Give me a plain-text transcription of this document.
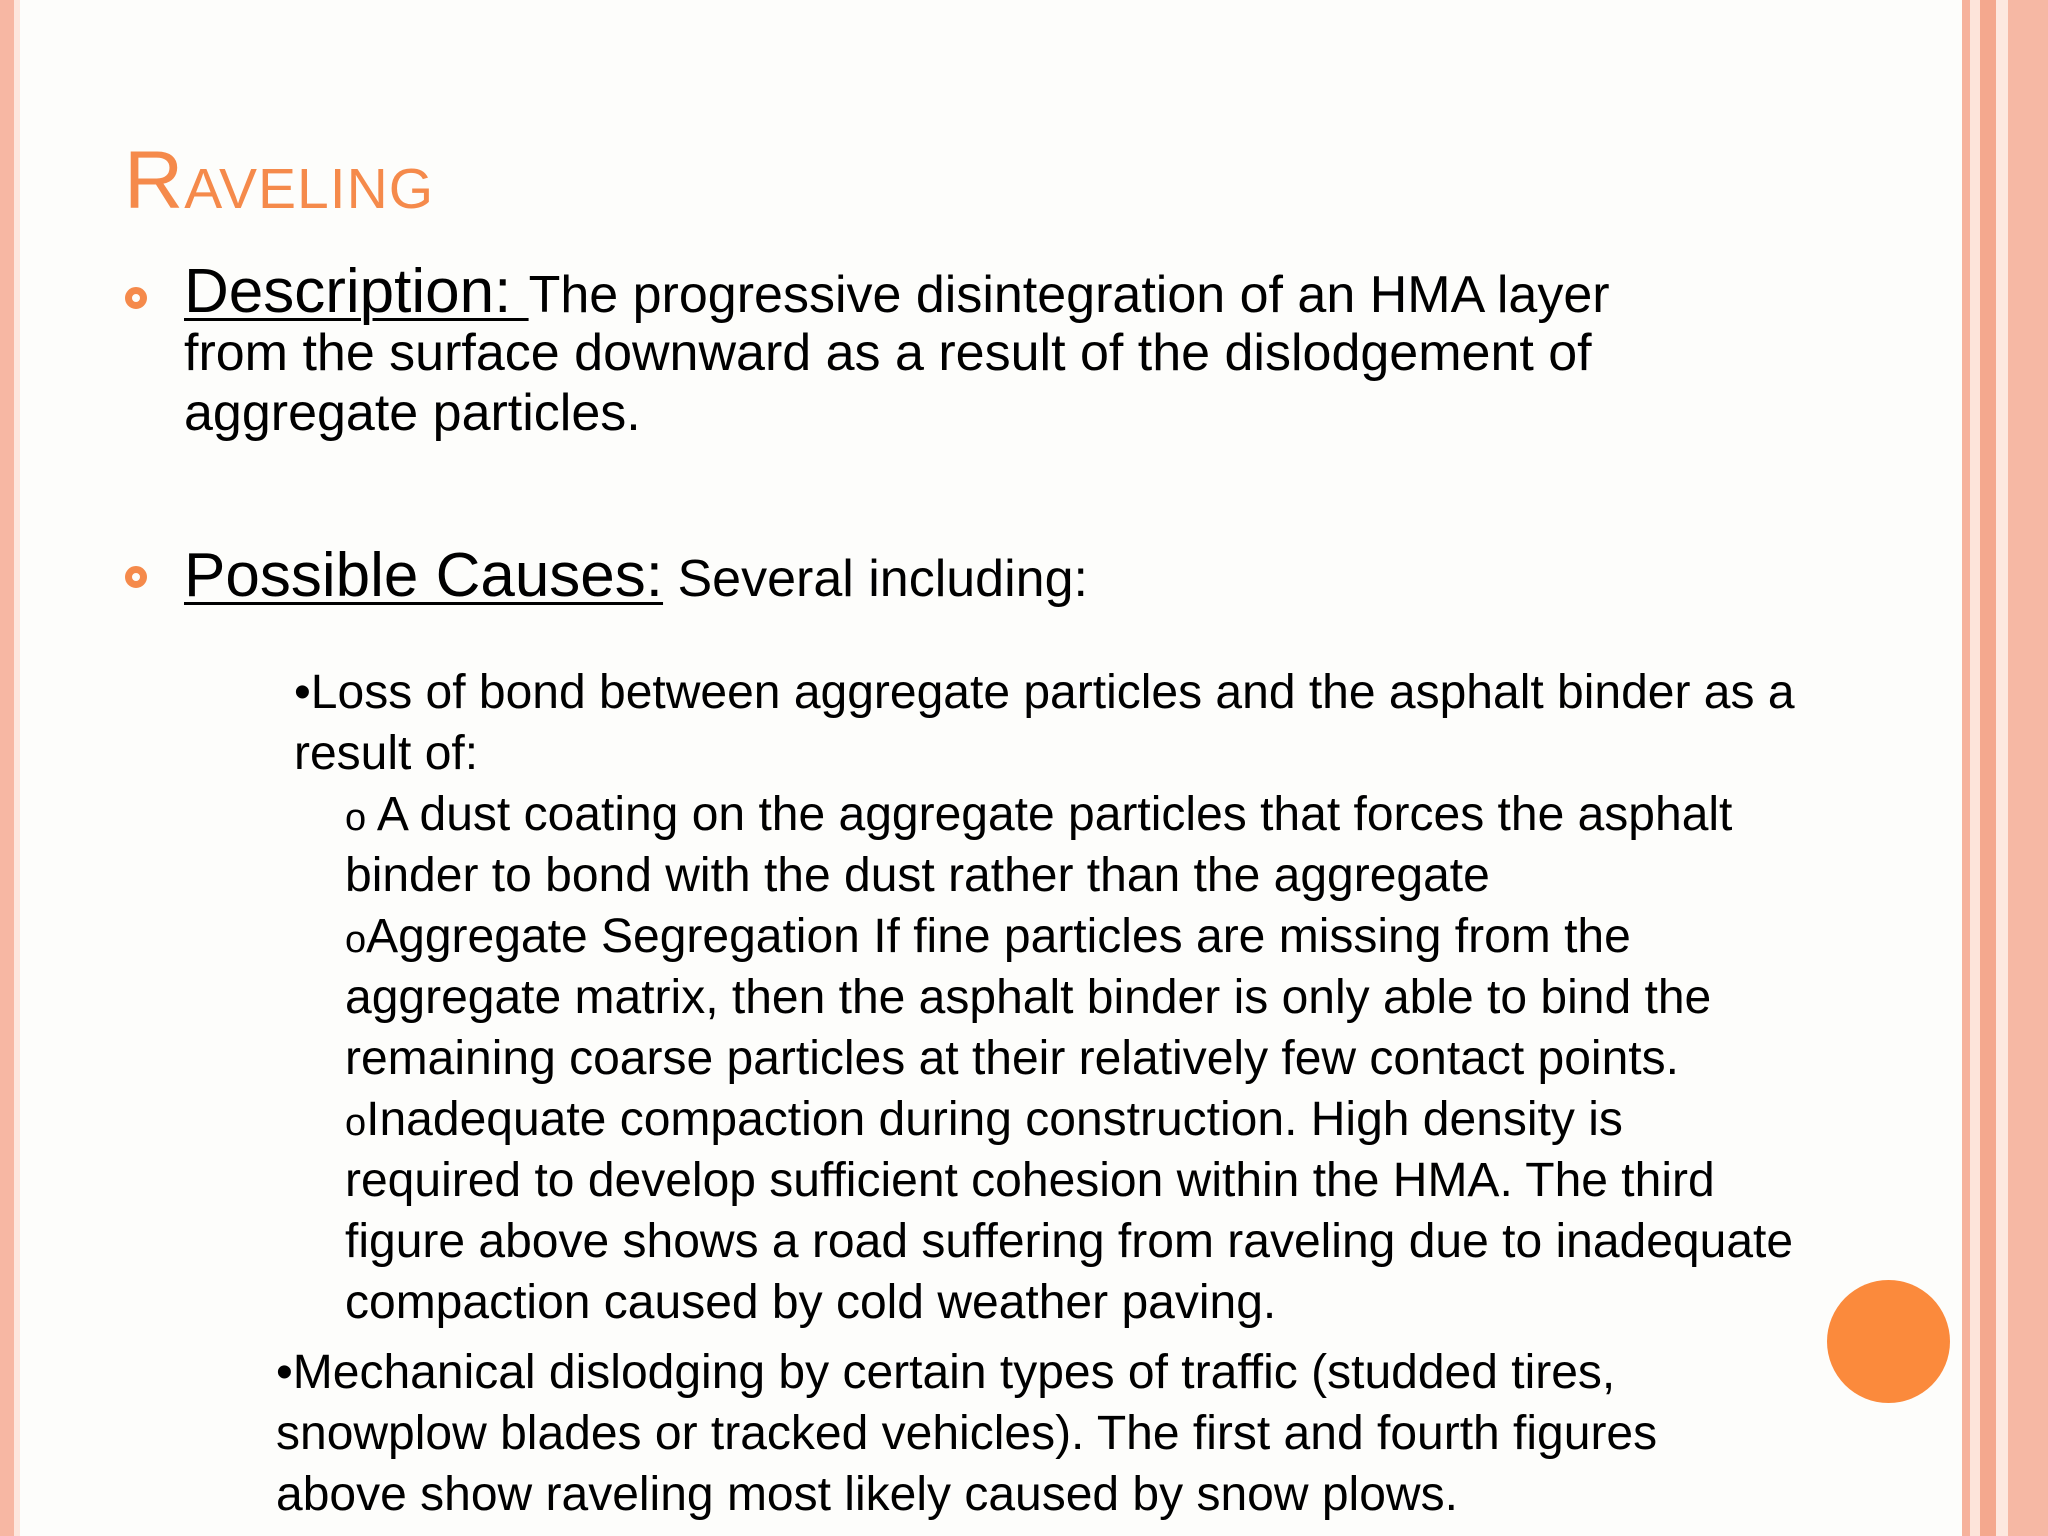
Raveling
Description: The progressive disintegration of an HMA layer
from the surface downward as a result of the dislodgement of
aggregate particles.
Possible Causes: Several including:
•Loss of bond between aggregate particles and the asphalt binder as a
result of:
o A dust coating on the aggregate particles that forces the asphalt
binder to bond with the dust rather than the aggregate
oAggregate Segregation If fine particles are missing from the
aggregate matrix, then the asphalt binder is only able to bind the
remaining coarse particles at their relatively few contact points.
oInadequate compaction during construction. High density is
required to develop sufficient cohesion within the HMA. The third
figure above shows a road suffering from raveling due to inadequate
compaction caused by cold weather paving.
•Mechanical dislodging by certain types of traffic (studded tires,
snowplow blades or tracked vehicles). The first and fourth figures
above show raveling most likely caused by snow plows.
